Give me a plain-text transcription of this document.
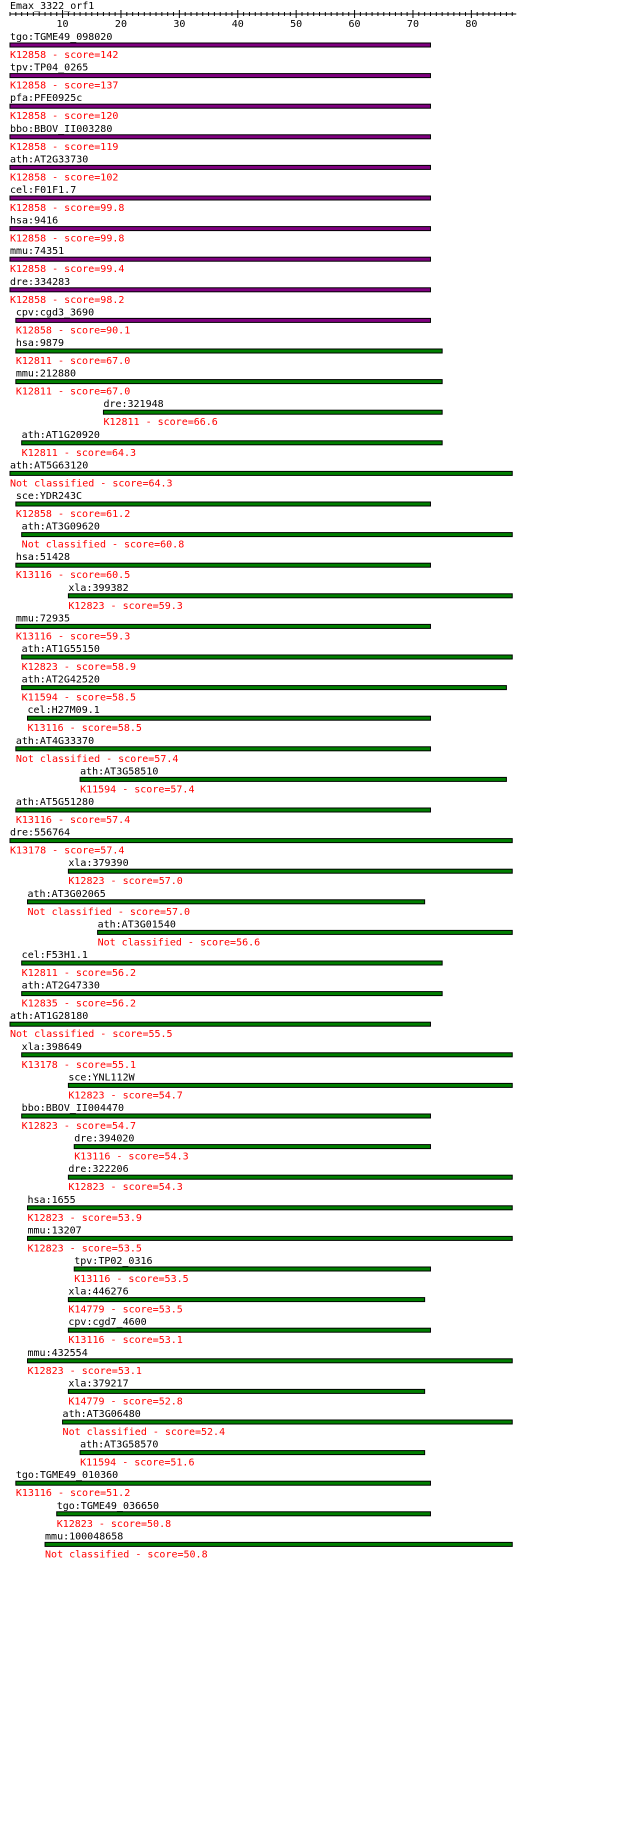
Emax_3322_orf1
10	20	30	40	50	60	70	80
tgo:TGME49_098020
K12858 - score=142
tpv:TP04_0265
K12858 - score=137
pfa:PFE0925c
K12858 - score=120
bbo:BBOV_II003280
K12858 - score=119
ath:AT2G33730
K12858 - score=102
cel:F01F1.7
K12858 - score=99.8
hsa:9416
K12858 - score=99.8
mmu:74351
K12858 - score=99.4
dre:334283
K12858 - score=98.2
cpv:cgd3_3690
K12858 - score=90.1
hsa:9879
K12811 - score=67.0
mmu:212880
K12811 - score=67.0
dre:321948
K12811 - score=66.6
ath:AT1G20920
K12811 - score=64.3
ath:AT5G63120
Not classified - score=64.3
sce:YDR243C
K12858 - score=61.2
ath:AT3G09620
Not classified - score=60.8
hsa:51428
K13116 - score=60.5
xla:399382
K12823 - score=59.3
mmu:72935
K13116 - score=59.3
ath:AT1G55150
K12823 - score=58.9
ath:AT2G42520
K11594 - score=58.5
cel:H27M09.1
K13116 - score=58.5
ath:AT4G33370
Not classified - score=57.4
ath:AT3G58510
K11594 - score=57.4
ath:AT5G51280
K13116 - score=57.4
dre:556764
K13178 - score=57.4
xla:379390
K12823 - score=57.0
ath:AT3G02065
Not classified - score=57.0
ath:AT3G01540
Not classified - score=56.6
cel:F53H1.1
K12811 - score=56.2
ath:AT2G47330
K12835 - score=56.2
ath:AT1G28180
Not classified - score=55.5
xla:398649
K13178 - score=55.1
sce:YNL112W
K12823 - score=54.7
bbo:BBOV_II004470
K12823 - score=54.7
dre:394020
K13116 - score=54.3
dre:322206
K12823 - score=54.3
hsa:1655
K12823 - score=53.9
mmu:13207
K12823 - score=53.5
tpv:TP02_0316
K13116 - score=53.5
xla:446276
K14779 - score=53.5
cpv:cgd7_4600
K13116 - score=53.1
mmu:432554
K12823 - score=53.1
xla:379217
K14779 - score=52.8
ath:AT3G06480
Not classified - score=52.4
ath:AT3G58570
K11594 - score=51.6
tgo:TGME49_010360
K13116 - score=51.2
tgo:TGME49_036650
K12823 - score=50.8
mmu:100048658
Not classified - score=50.8
